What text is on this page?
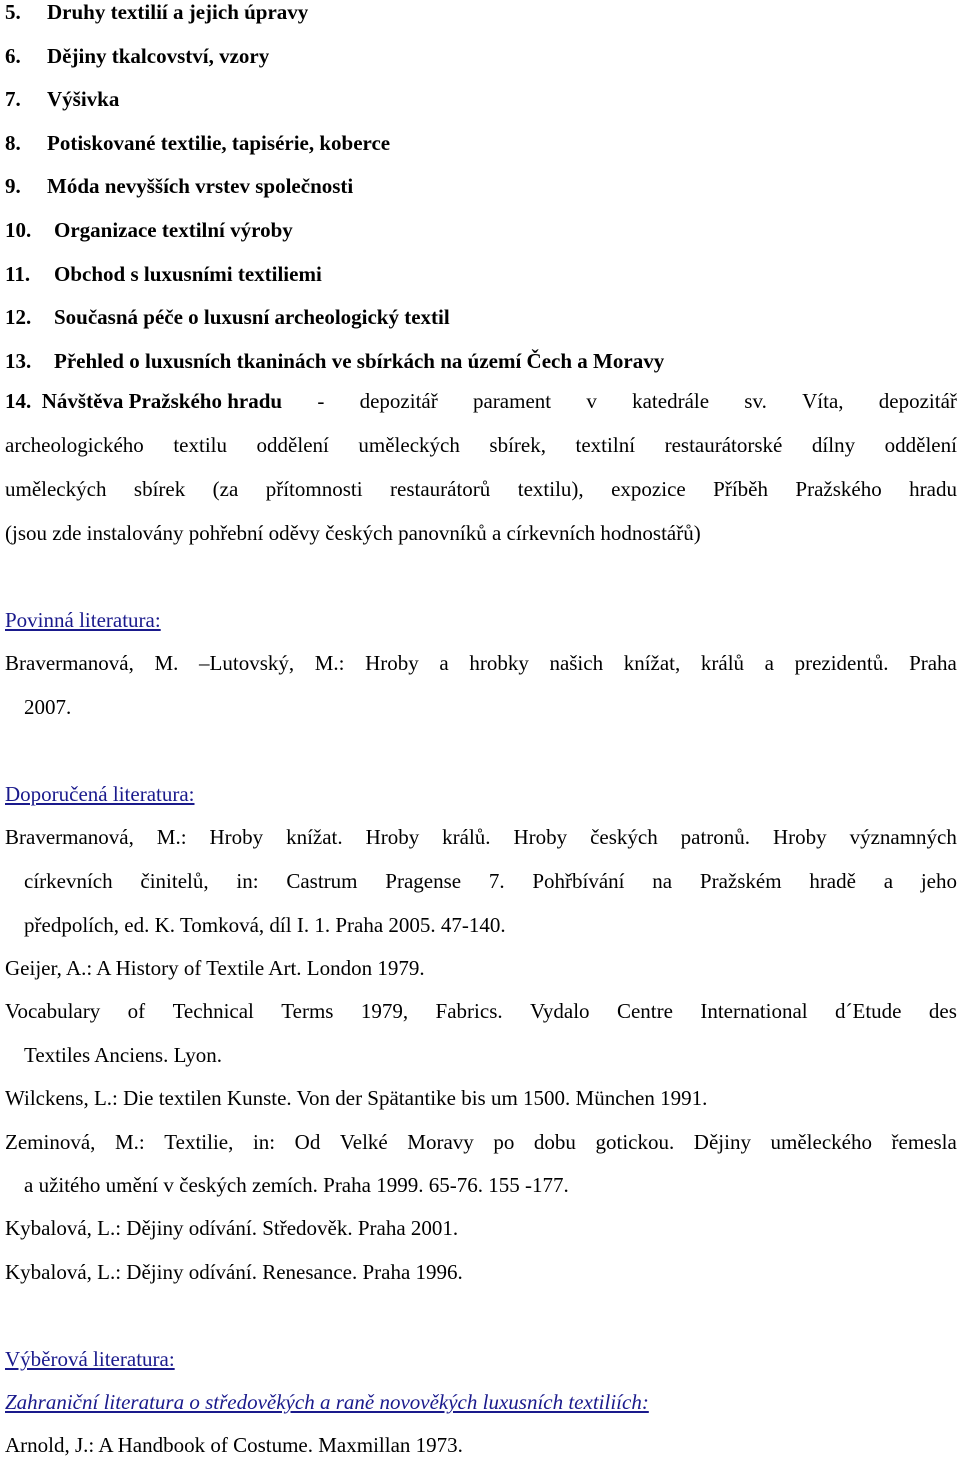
5. Druhy textilií a jejich úpravy
6. Dějiny tkalcovství, vzory
7. Výšivka
8. Potiskované textilie, tapisérie, koberce
9. Móda nevyšších vrstev společnosti
10. Organizace textilní výroby
11. Obchod s luxusními textiliemi
12. Současná péče o luxusní archeologický textil
13. Přehled o luxusních tkaninách ve sbírkách na území Čech a Moravy
14. Návštěva Pražského hradu - depozitář parament v katedrále sv. Víta, depozitář
archeologického textilu oddělení uměleckých sbírek, textilní restaurátorské dílny oddělení
uměleckých sbírek (za přítomnosti restaurátorů textilu), expozice Příběh Pražského hradu
(jsou zde instalovány pohřební oděvy českých panovníků a církevních hodnostářů)
Povinná literatura:
Bravermanová, M. –Lutovský, M.: Hroby a hrobky našich knížat, králů a prezidentů. Praha
2007.
Doporučená literatura:
Bravermanová, M.: Hroby knížat. Hroby králů. Hroby českých patronů. Hroby významných
církevních činitelů, in: Castrum Pragense 7. Pohřbívání na Pražském hradě a jeho
předpolích, ed. K. Tomková, díl I. 1. Praha 2005. 47-140.
Geijer, A.: A History of Textile Art. London 1979.
Vocabulary of Technical Terms 1979, Fabrics. Vydalo Centre International d´Etude des
Textiles Anciens. Lyon.
Wilckens, L.: Die textilen Kunste. Von der Spätantike bis um 1500. München 1991.
Zeminová, M.: Textilie, in: Od Velké Moravy po dobu gotickou. Dějiny uměleckého řemesla
a užitého umění v českých zemích. Praha 1999. 65-76. 155 -177.
Kybalová, L.: Dějiny odívání. Středověk. Praha 2001.
Kybalová, L.: Dějiny odívání. Renesance. Praha 1996.
Výběrová literatura:
Zahraniční literatura o středověkých a raně novověkých luxusních textiliích:
Arnold, J.: A Handbook of Costume. Maxmillan 1973.
